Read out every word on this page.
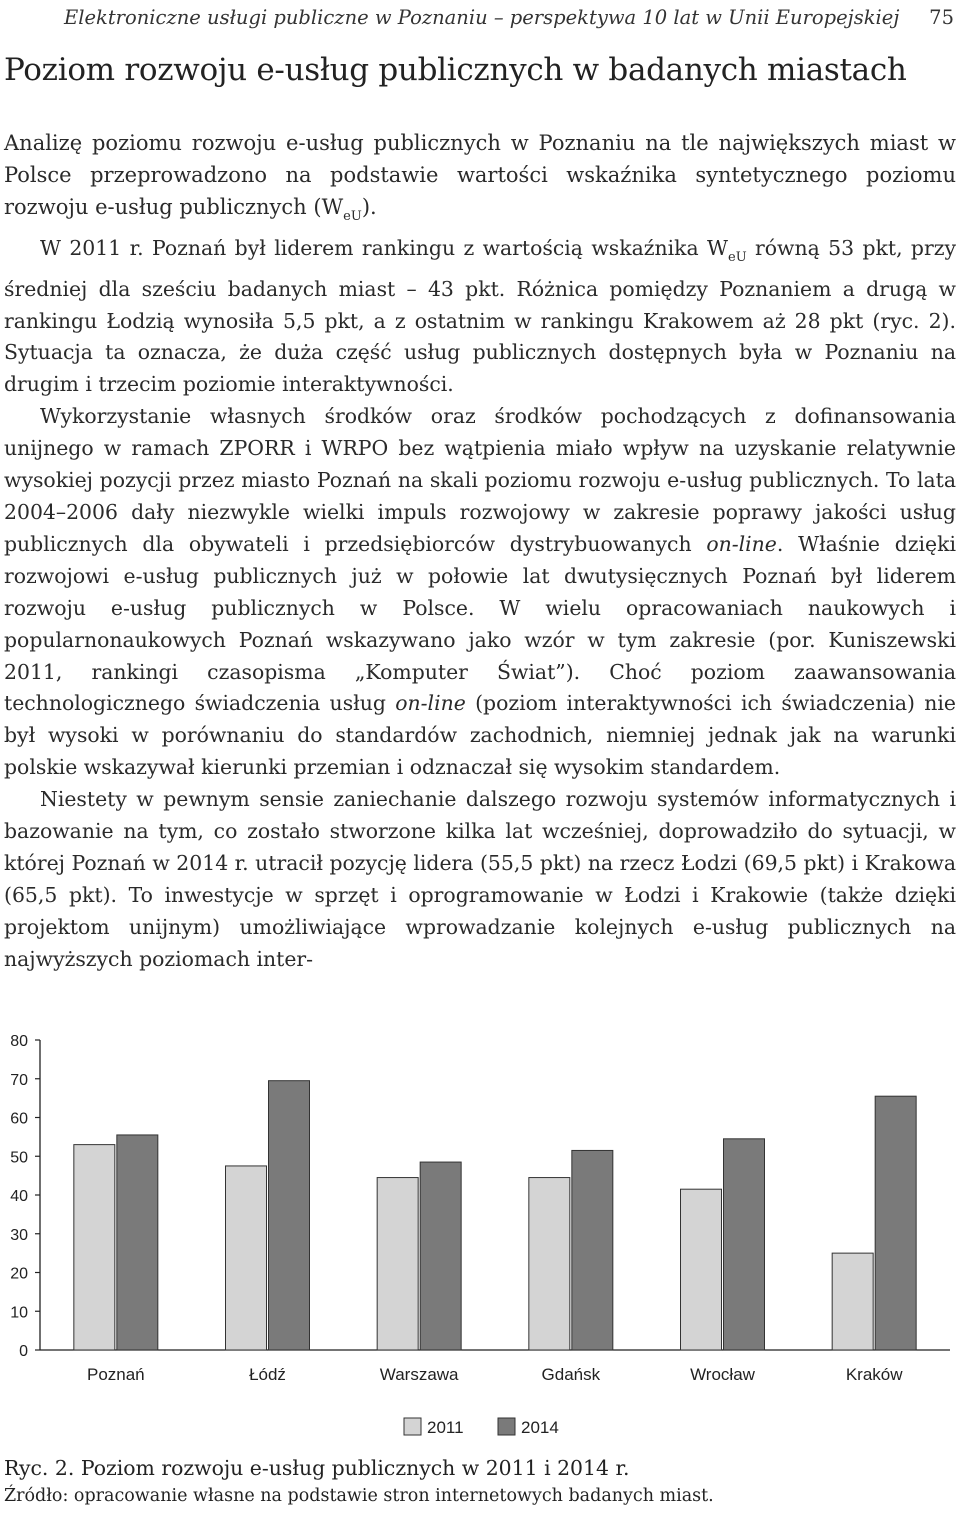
Elektroniczne usługi publiczne w Poznaniu – perspektywa 10 lat w Unii Europejskiej 75
Poziom rozwoju e-usług publicznych w badanych miastach

Analizę poziomu rozwoju e-usług publicznych w Poznaniu na tle największych miast w Polsce przeprowadzono na podstawie wartości wskaźnika syntetycznego poziomu rozwoju e-usług publicznych $(W_{eU})$.

W 2011 r. Poznań był liderem rankingu z wartością wskaźnika $W_{eU}$ równą 53 pkt, przy średniej dla sześciu badanych miast – 43 pkt. Różnica pomiędzy Poznaniem a drugą w rankingu Łodzią wynosiła 5,5 pkt, a z ostatnim w rankingu Krakowem aż 28 pkt (ryc. 2). Sytuacja ta oznacza, że duża część usług publicznych dostępnych była w Poznaniu na drugim i trzecim poziomie interaktywności.

Wykorzystanie własnych środków oraz środków pochodzących z dofinansowania unijnego w ramach ZPORR i WRPO bez wątpienia miało wpływ na uzyskanie relatywnie wysokiej pozycji przez miasto Poznań na skali poziomu rozwoju e-usług publicznych. To lata 2004–2006 dały niezwykle wielki impuls rozwojowy w zakresie poprawy jakości usług publicznych dla obywateli i przedsiębiorców dystrybuowanych on-line. Właśnie dzięki rozwojowi e-usług publicznych już w połowie lat dwutysięcznych Poznań był liderem rozwoju e-usług publicznych w Polsce. W wielu opracowaniach naukowych i popularnonaukowych Poznań wskazywano jako wzór w tym zakresie (por. Kuniszewski 2011, rankingi czasopisma „Komputer Świat”). Choć poziom zaawansowania technologicznego świadczenia usług on-line (poziom interaktywności ich świadczenia) nie był wysoki w porównaniu do standardów zachodnich, niemniej jednak jak na warunki polskie wskazywał kierunki przemian i odznaczał się wysokim standardem.

Niestety w pewnym sensie zaniechanie dalszego rozwoju systemów informatycznych i bazowanie na tym, co zostało stworzone kilka lat wcześniej, doprowadziło do sytuacji, w której Poznań w 2014 r. utracił pozycję lidera (55,5 pkt) na rzecz Łodzi (69,5 pkt) i Krakowa (65,5 pkt). To inwestycje w sprzęt i oprogramowanie w Łodzi i Krakowie (także dzięki projektom unijnym) umożliwiające wprowadzanie kolejnych e-usług publicznych na najwyższych poziomach inter-

0
10
20
30
40
50
60
70
80
Poznań	Łódź	Warszawa	Gdańsk	Wrocław	Kraków
2011	2014
Ryc. 2. Poziom rozwoju e-usług publicznych w 2011 i 2014 r.
Źródło: opracowanie własne na podstawie stron internetowych badanych miast.
